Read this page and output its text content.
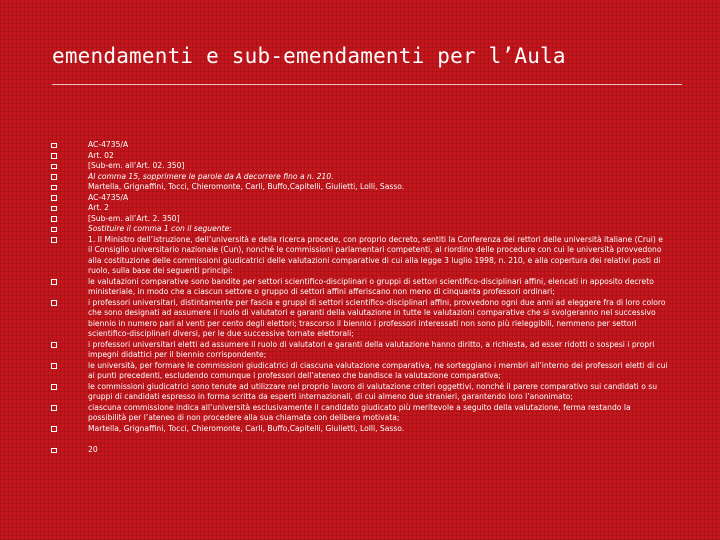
emendamenti e sub-emendamenti per l’Aula
AC-4735/A
Art. 02
[Sub-em. all’Art. 02. 350]
Al comma 15, sopprimere le parole da A decorrere fino a n. 210.
Martella, Grignaffini, Tocci, Chieromonte, Carli, Buffo,Capitelli, Giulietti, Lolli, Sasso.
AC-4735/A
Art. 2
[Sub-em. all’Art. 2. 350]
Sostituire il comma 1 con il seguente:
1. Il Ministro dell’istruzione, dell’università e della ricerca procede, con proprio decreto, sentiti la Conferenza dei rettori delle università italiane (Crui) e il Consiglio universitario nazionale (Cun), nonché le commissioni parlamentari competenti, al riordino delle procedure con cui le università provvedono alla costituzione delle commissioni giudicatrici delle valutazioni comparative di cui alla legge 3 luglio 1998, n. 210, e alla copertura dei relativi posti di ruolo, sulla base dei seguenti principi:
le valutazioni comparative sono bandite per settori scientifico-disciplinari o gruppi di settori scientifico-disciplinari affini, elencati in apposito decreto ministeriale, in modo che a ciascun settore o gruppo di settori affini afferiscano non meno di cinquanta professori ordinari;
i professori universitari, distintamente per fascia e gruppi di settori scientifico-disciplinari affini, provvedono ogni due anni ad eleggere fra di loro coloro che sono designati ad assumere il ruolo di valutatori e garanti della valutazione in tutte le valutazioni comparative che si svolgeranno nel successivo biennio in numero pari al venti per cento degli elettori; trascorso il biennio i professori interessati non sono più rieleggibili, nemmeno per settori scientifico-disciplinari diversi, per le due successive tornate elettorali;
i professori universitari eletti ad assumere il ruolo di valutatori e garanti della valutazione hanno diritto, a richiesta, ad esser ridotti o sospesi i propri impegni didattici per il biennio corrispondente;
le università, per formare le commissioni giudicatrici di ciascuna valutazione comparativa, ne sorteggiano i membri all’interno dei professori eletti di cui ai punti precedenti, escludendo comunque i professori dell’ateneo che bandisce la valutazione comparativa;
le commissioni giudicatrici sono tenute ad utilizzare nel proprio lavoro di valutazione criteri oggettivi, nonché il parere comparativo sui candidati o su gruppi di candidati espresso in forma scritta da esperti internazionali, di cui almeno due stranieri, garantendo loro l’anonimato;
ciascuna commissione indica all’università esclusivamente il candidato giudicato più meritevole a seguito della valutazione, ferma restando la possibilità per l’ateneo di non procedere alla sua chiamata con delibera motivata;
Martella, Grignaffini, Tocci, Chieromonte, Carli, Buffo,Capitelli, Giulietti, Lolli, Sasso.
20
